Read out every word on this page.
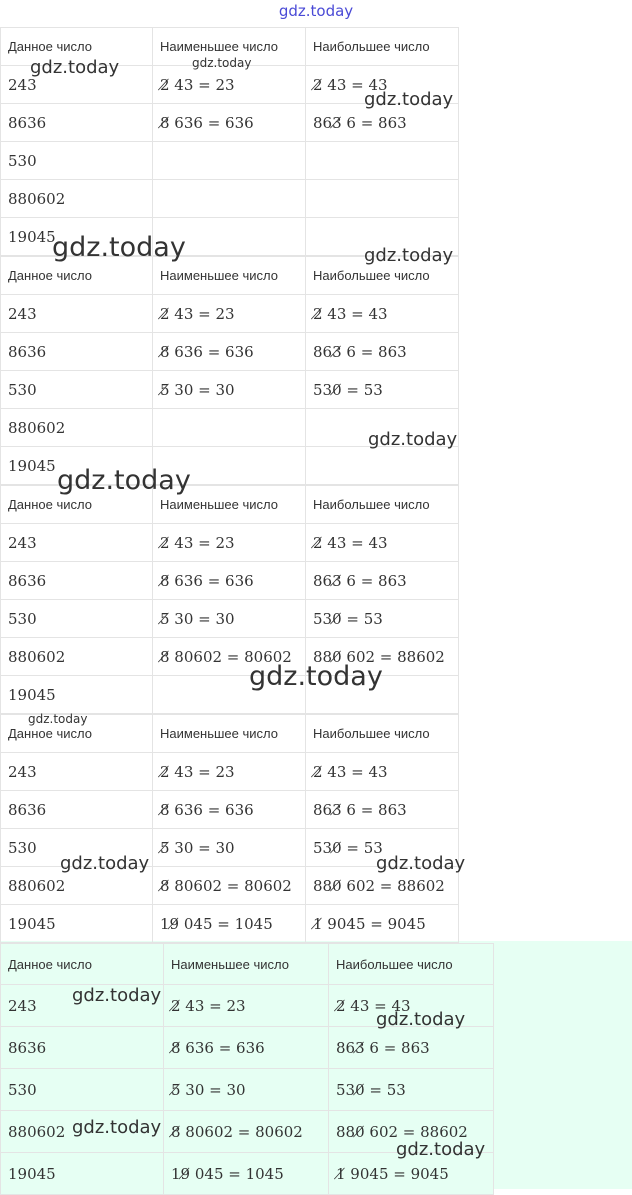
gdz.today
Данное число	Наименьшее число	Наибольшее число
243	2̸ 43 = 23	2̸ 43 = 43
8636	8̸ 636 = 636	863̸ 6 = 863
530		
880602		
19045		
Данное число	Наименьшее число	Наибольшее число
243	2̸ 43 = 23	2̸ 43 = 43
8636	8̸ 636 = 636	863̸ 6 = 863
530	5̸ 30 = 30	530̸ = 53
880602		
19045		
Данное число	Наименьшее число	Наибольшее число
243	2̸ 43 = 23	2̸ 43 = 43
8636	8̸ 636 = 636	863̸ 6 = 863
530	5̸ 30 = 30	530̸ = 53
880602	8̸ 80602 = 80602	880̸ 602 = 88602
19045		
Данное число	Наименьшее число	Наибольшее число
243	2̸ 43 = 23	2̸ 43 = 43
8636	8̸ 636 = 636	863̸ 6 = 863
530	5̸ 30 = 30	530̸ = 53
880602	8̸ 80602 = 80602	880̸ 602 = 88602
19045	19̸ 045 = 1045	1̸ 9045 = 9045
Данное число	Наименьшее число	Наибольшее число
243	2̸ 43 = 23	2̸ 43 = 43
8636	8̸ 636 = 636	863̸ 6 = 863
530	5̸ 30 = 30	530̸ = 53
880602	8̸ 80602 = 80602	880̸ 602 = 88602
19045	19̸ 045 = 1045	1̸ 9045 = 9045
gdz.today	gdz.today
gdz.today
gdz.today	gdz.today
gdz.today
gdz.today
gdz.today
gdz.today
gdz.today	gdz.today
gdz.today
gdz.today
gdz.today
gdz.today
